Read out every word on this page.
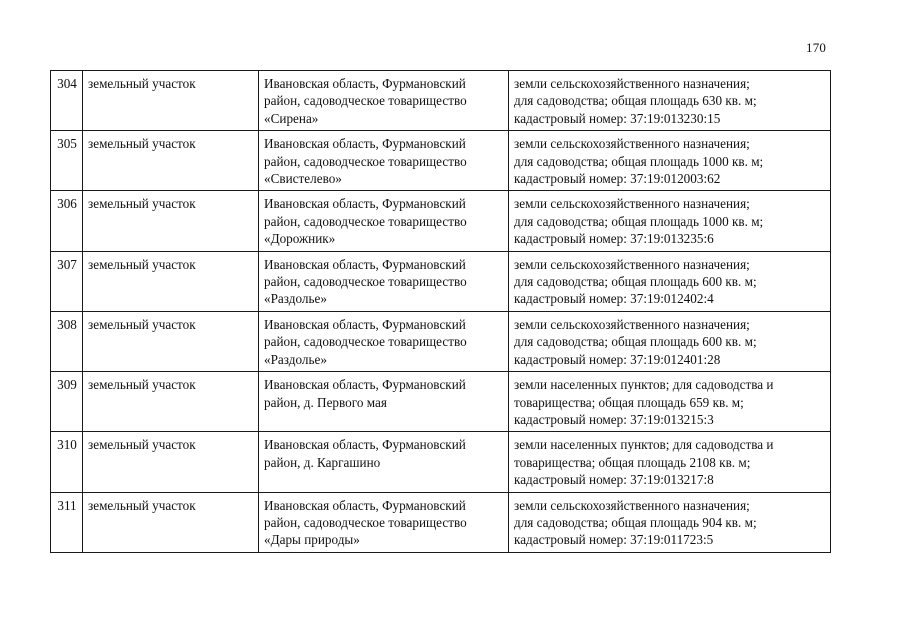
170
304	земельный участок	Ивановская область, Фурмановский
район, садоводческое товарищество
«Сирена»	земли сельскохозяйственного назначения;
для садоводства; общая площадь 630 кв. м;
кадастровый номер: 37:19:013230:15

305	земельный участок	Ивановская область, Фурмановский
район, садоводческое товарищество
«Свистелево»	земли сельскохозяйственного назначения;
для садоводства; общая площадь 1000 кв. м;
кадастровый номер: 37:19:012003:62

306	земельный участок	Ивановская область, Фурмановский
район, садоводческое товарищество
«Дорожник»	земли сельскохозяйственного назначения;
для садоводства; общая площадь 1000 кв. м;
кадастровый номер: 37:19:013235:6

307	земельный участок	Ивановская область, Фурмановский
район, садоводческое товарищество
«Раздолье»	земли сельскохозяйственного назначения;
для садоводства; общая площадь 600 кв. м;
кадастровый номер: 37:19:012402:4

308	земельный участок	Ивановская область, Фурмановский
район, садоводческое товарищество
«Раздолье»	земли сельскохозяйственного назначения;
для садоводства; общая площадь 600 кв. м;
кадастровый номер: 37:19:012401:28

309	земельный участок	Ивановская область, Фурмановский
район, д. Первого мая	земли населенных пунктов; для садоводства и
товарищества; общая площадь 659 кв. м;
кадастровый номер: 37:19:013215:3

310	земельный участок	Ивановская область, Фурмановский
район, д. Каргашино	земли населенных пунктов; для садоводства и
товарищества; общая площадь 2108 кв. м;
кадастровый номер: 37:19:013217:8

311	земельный участок	Ивановская область, Фурмановский
район, садоводческое товарищество
«Дары природы»	земли сельскохозяйственного назначения;
для садоводства; общая площадь 904 кв. м;
кадастровый номер: 37:19:011723:5
